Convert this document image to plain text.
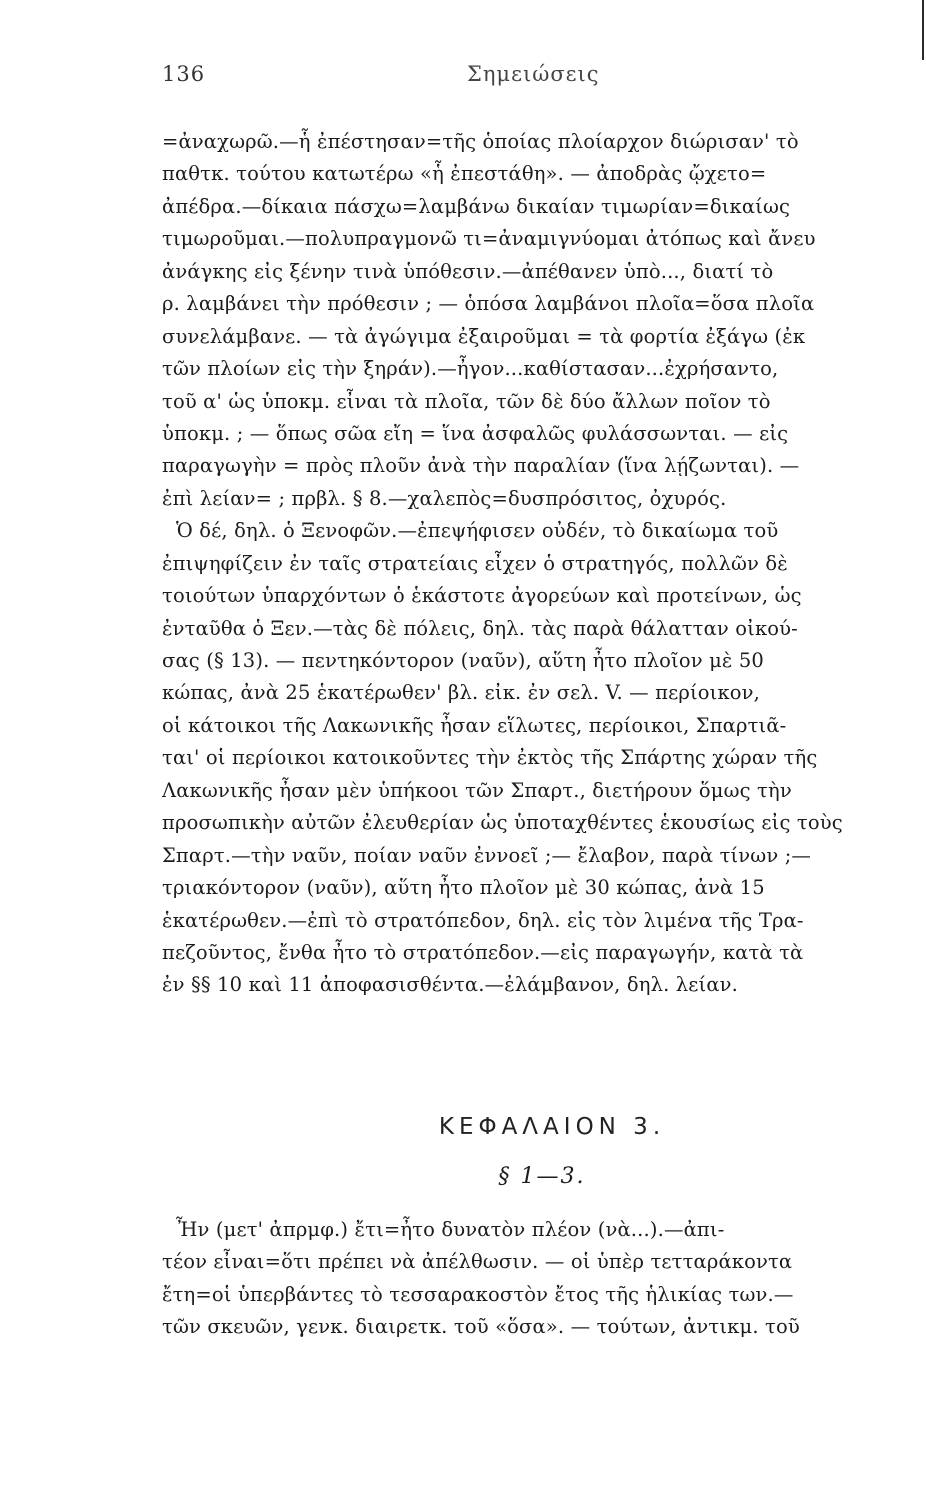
136	Σημειώσεις
=ἀναχωρῶ.—ἧ ἐπέστησαν=τῆς ὁποίας πλοίαρχον διώρισαν' τὸ
παθτκ. τούτου κατωτέρω «ἧ ἐπεστάθη». — ἀποδρὰς ᾤχετο=
ἀπέδρα.—δίκαια πάσχω=λαμβάνω δικαίαν τιμωρίαν=δικαίως
τιμωροῦμαι.—πολυπραγμονῶ τι=ἀναμιγνύομαι ἀτόπως καὶ ἄνευ
ἀνάγκης εἰς ξένην τινὰ ὑπόθεσιν.—ἀπέθανεν ὑπὸ..., διατί τὸ
ρ. λαμβάνει τὴν πρόθεσιν ; — ὁπόσα λαμβάνοι πλοῖα=ὅσα πλοῖα
συνελάμβανε. — τὰ ἀγώγιμα ἐξαιροῦμαι = τὰ φορτία ἐξάγω (ἐκ
τῶν πλοίων εἰς τὴν ξηράν).—ἦγον...καθίστασαν...ἐχρήσαντο,
τοῦ α' ὡς ὑποκμ. εἶναι τὰ πλοῖα, τῶν δὲ δύο ἄλλων ποῖον τὸ
ὑποκμ. ; — ὅπως σῶα εἴη = ἵνα ἀσφαλῶς φυλάσσωνται. — εἰς
παραγωγὴν = πρὸς πλοῦν ἀνὰ τὴν παραλίαν (ἵνα λῄζωνται). —
ἐπὶ λείαν= ; πρβλ. § 8.—χαλεπὸς=δυσπρόσιτος, ὀχυρός.
Ὁ δέ, δηλ. ὁ Ξενοφῶν.—ἐπεψήφισεν οὐδέν, τὸ δικαίωμα τοῦ
ἐπιψηφίζειν ἐν ταῖς στρατείαις εἶχεν ὁ στρατηγός, πολλῶν δὲ
τοιούτων ὑπαρχόντων ὁ ἑκάστοτε ἀγορεύων καὶ προτείνων, ὡς
ἐνταῦθα ὁ Ξεν.—τὰς δὲ πόλεις, δηλ. τὰς παρὰ θάλατταν οἰκού-
σας (§ 13). — πεντηκόντορον (ναῦν), αὕτη ἦτο πλοῖον μὲ 50
κώπας, ἀνὰ 25 ἑκατέρωθεν' βλ. εἰκ. ἐν σελ. V. — περίοικον,
οἱ κάτοικοι τῆς Λακωνικῆς ἦσαν εἵλωτες, περίοικοι, Σπαρτιᾶ-
ται' οἱ περίοικοι κατοικοῦντες τὴν ἐκτὸς τῆς Σπάρτης χώραν τῆς
Λακωνικῆς ἦσαν μὲν ὑπήκοοι τῶν Σπαρτ., διετήρουν ὅμως τὴν
προσωπικὴν αὐτῶν ἐλευθερίαν ὡς ὑποταχθέντες ἑκουσίως εἰς τοὺς
Σπαρτ.—τὴν ναῦν, ποίαν ναῦν ἐννοεῖ ;— ἔλαβον, παρὰ τίνων ;—
τριακόντορον (ναῦν), αὕτη ἦτο πλοῖον μὲ 30 κώπας, ἀνὰ 15
ἑκατέρωθεν.—ἐπὶ τὸ στρατόπεδον, δηλ. εἰς τὸν λιμένα τῆς Τρα-
πεζοῦντος, ἔνθα ἦτο τὸ στρατόπεδον.—εἰς παραγωγήν, κατὰ τὰ
ἐν §§ 10 καὶ 11 ἀποφασισθέντα.—ἐλάμβανον, δηλ. λείαν.
ΚΕΦΑΛΑΙΟΝ 3.
§ 1—3.
Ἦν (μετ' ἀπρμφ.) ἔτι=ἦτο δυνατὸν πλέον (νὰ...).—ἀπι-
τέον εἶναι=ὅτι πρέπει νὰ ἀπέλθωσιν. — οἱ ὑπὲρ τετταράκοντα
ἔτη=οἱ ὑπερβάντες τὸ τεσσαρακοστὸν ἔτος τῆς ἡλικίας των.—
τῶν σκευῶν, γενκ. διαιρετκ. τοῦ «ὅσα». — τούτων, ἀντικμ. τοῦ
